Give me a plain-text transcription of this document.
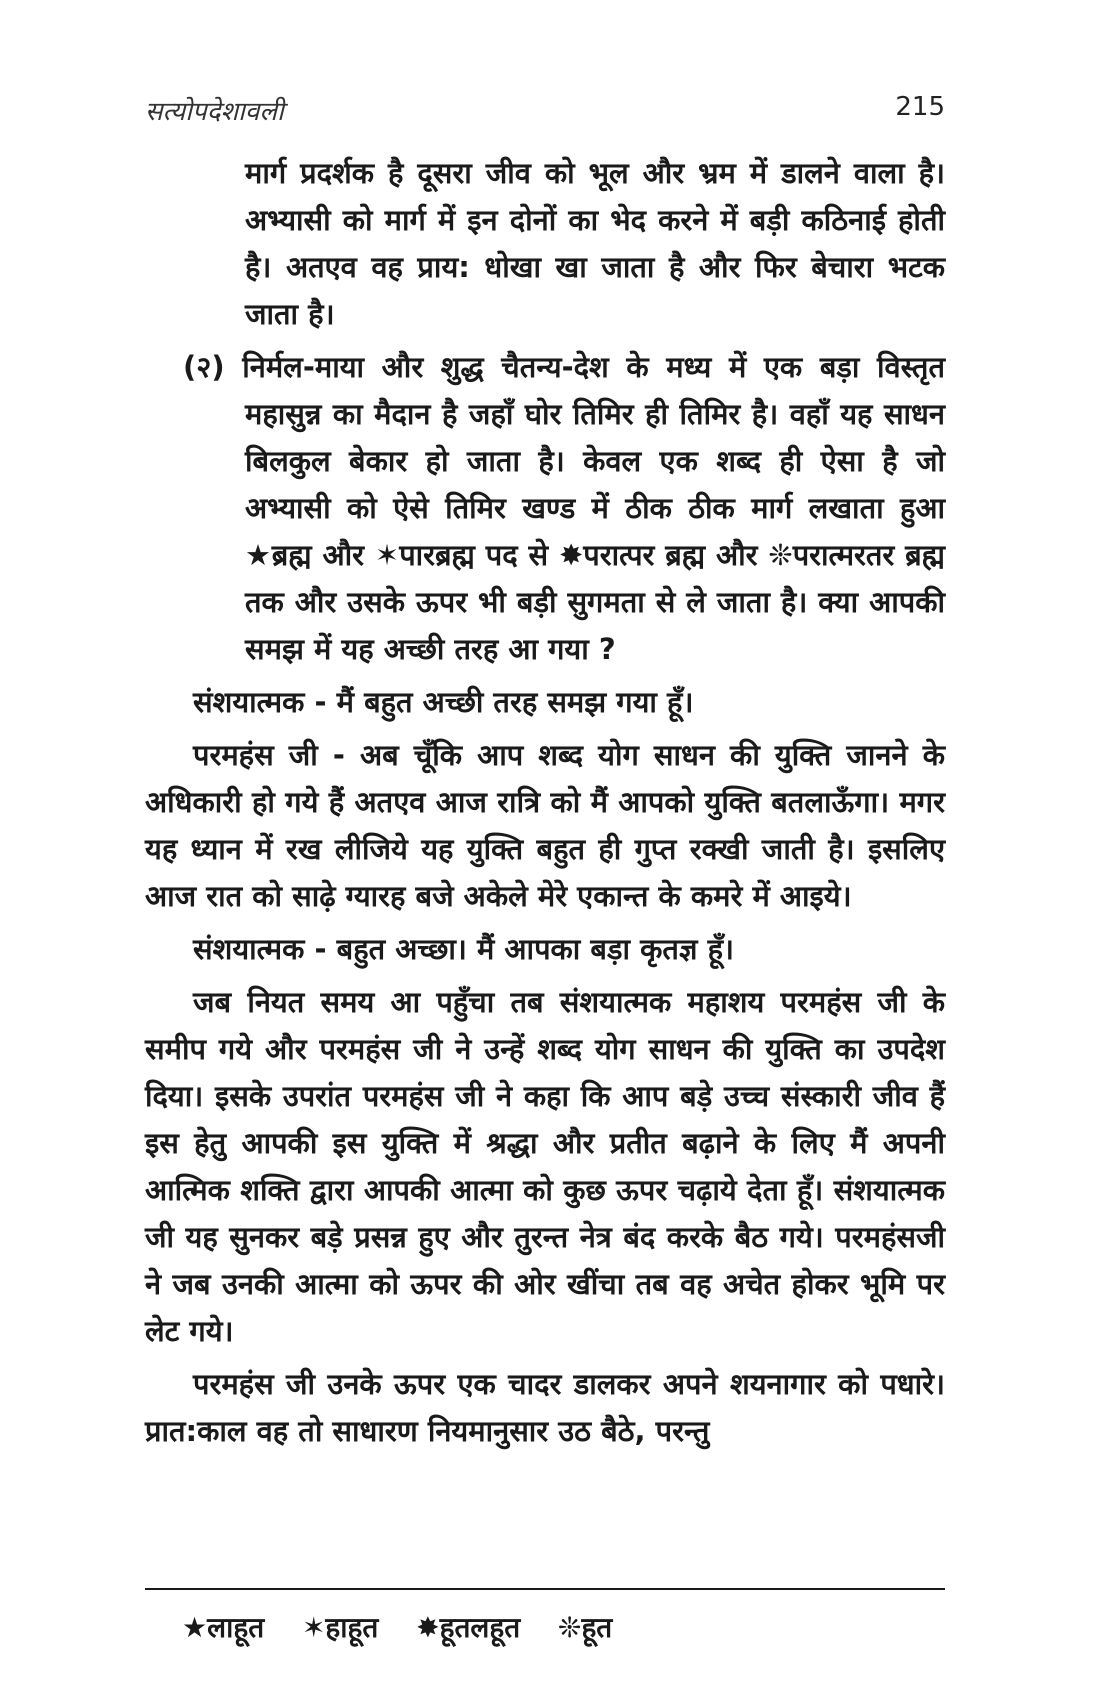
सत्योपदेशावली	215

मार्ग प्रदर्शक है दूसरा जीव को भूल और भ्रम में डालने वाला है। अभ्यासी को मार्ग में इन दोनों का भेद करने में बड़ी कठिनाई होती है। अतएव वह प्राय: धोखा खा जाता है और फिर बेचारा भटक जाता है।

(२) निर्मल-माया और शुद्ध चैतन्य-देश के मध्य में एक बड़ा विस्तृत महासुन्न का मैदान है जहाँ घोर तिमिर ही तिमिर है। वहाँ यह साधन बिलकुल बेकार हो जाता है। केवल एक शब्द ही ऐसा है जो अभ्यासी को ऐसे तिमिर खण्ड में ठीक ठीक मार्ग लखाता हुआ ★ब्रह्म और ✶पारब्रह्म पद से ✸परात्पर ब्रह्म और ❊परात्मरतर ब्रह्म तक और उसके ऊपर भी बड़ी सुगमता से ले जाता है। क्या आपकी समझ में यह अच्छी तरह आ गया ?

संशयात्मक - मैं बहुत अच्छी तरह समझ गया हूँ।

परमहंस जी - अब चूँकि आप शब्द योग साधन की युक्ति जानने के अधिकारी हो गये हैं अतएव आज रात्रि को मैं आपको युक्ति बतलाऊँगा। मगर यह ध्यान में रख लीजिये यह युक्ति बहुत ही गुप्त रक्खी जाती है। इसलिए आज रात को साढ़े ग्यारह बजे अकेले मेरे एकान्त के कमरे में आइये।

संशयात्मक - बहुत अच्छा। मैं आपका बड़ा कृतज्ञ हूँ।

जब नियत समय आ पहुँचा तब संशयात्मक महाशय परमहंस जी के समीप गये और परमहंस जी ने उन्हें शब्द योग साधन की युक्ति का उपदेश दिया। इसके उपरांत परमहंस जी ने कहा कि आप बड़े उच्च संस्कारी जीव हैं इस हेतु आपकी इस युक्ति में श्रद्धा और प्रतीत बढ़ाने के लिए मैं अपनी आत्मिक शक्ति द्वारा आपकी आत्मा को कुछ ऊपर चढ़ाये देता हूँ। संशयात्मक जी यह सुनकर बड़े प्रसन्न हुए और तुरन्त नेत्र बंद करके बैठ गये। परमहंसजी ने जब उनकी आत्मा को ऊपर की ओर खींचा तब वह अचेत होकर भूमि पर लेट गये।

परमहंस जी उनके ऊपर एक चादर डालकर अपने शयनागार को पधारे। प्रात:काल वह तो साधारण नियमानुसार उठ बैठे, परन्तु

★लाहूत ✶हाहूत ✸हूतलहूत ❊हूत
